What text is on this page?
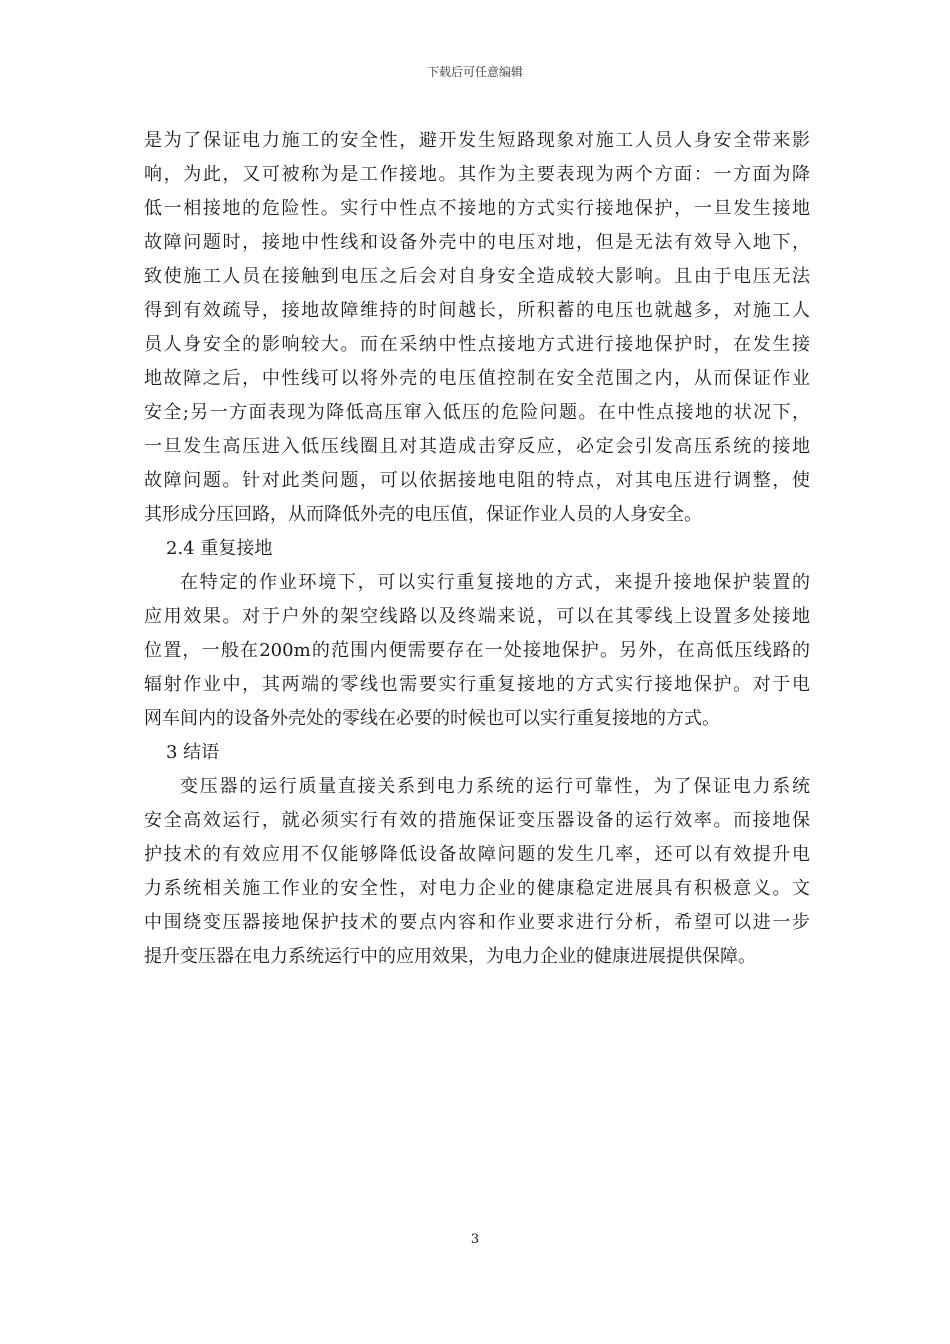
下载后可任意编辑
是为了保证电力施工的安全性，避开发生短路现象对施工人员人身安全带来影
响，为此，又可被称为是工作接地。其作为主要表现为两个方面：一方面为降
低一相接地的危险性。实行中性点不接地的方式实行接地保护，一旦发生接地
故障问题时，接地中性线和设备外壳中的电压对地，但是无法有效导入地下，
致使施工人员在接触到电压之后会对自身安全造成较大影响。且由于电压无法
得到有效疏导，接地故障维持的时间越长，所积蓄的电压也就越多，对施工人
员人身安全的影响较大。而在采纳中性点接地方式进行接地保护时，在发生接
地故障之后，中性线可以将外壳的电压值控制在安全范围之内，从而保证作业
安全;另一方面表现为降低高压窜入低压的危险问题。在中性点接地的状况下，
一旦发生高压进入低压线圈且对其造成击穿反应，必定会引发高压系统的接地
故障问题。针对此类问题，可以依据接地电阻的特点，对其电压进行调整，使
其形成分压回路，从而降低外壳的电压值，保证作业人员的人身安全。
2.4 重复接地
在特定的作业环境下，可以实行重复接地的方式，来提升接地保护装置的
应用效果。对于户外的架空线路以及终端来说，可以在其零线上设置多处接地
位置，一般在200m的范围内便需要存在一处接地保护。另外，在高低压线路的
辐射作业中，其两端的零线也需要实行重复接地的方式实行接地保护。对于电
网车间内的设备外壳处的零线在必要的时候也可以实行重复接地的方式。
3 结语
变压器的运行质量直接关系到电力系统的运行可靠性，为了保证电力系统
安全高效运行，就必须实行有效的措施保证变压器设备的运行效率。而接地保
护技术的有效应用不仅能够降低设备故障问题的发生几率，还可以有效提升电
力系统相关施工作业的安全性，对电力企业的健康稳定进展具有积极意义。文
中围绕变压器接地保护技术的要点内容和作业要求进行分析，希望可以进一步
提升变压器在电力系统运行中的应用效果，为电力企业的健康进展提供保障。
3
